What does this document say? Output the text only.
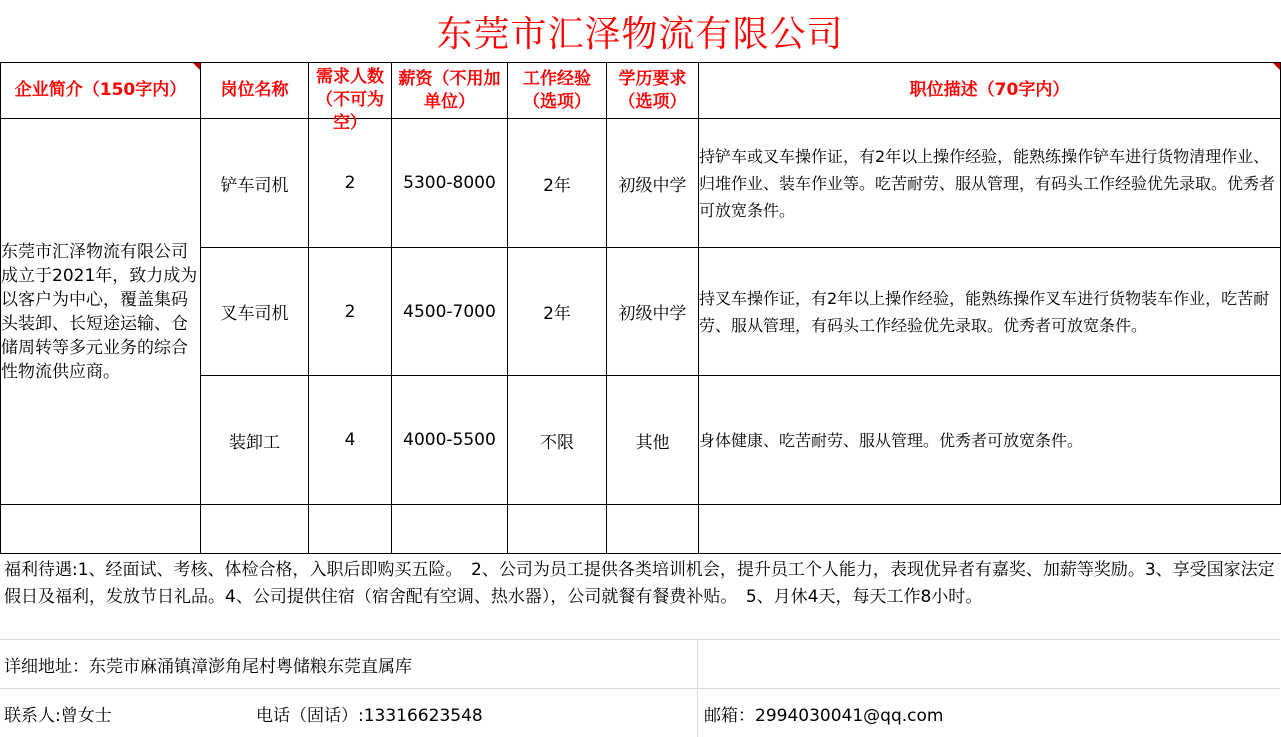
东莞市汇泽物流有限公司
企业简介（150字内）	岗位名称	需求人数（不可为空）	薪资（不用加单位）	工作经验（选项）	学历要求（选项）	职位描述（70字内）

东莞市汇泽物流有限公司成立于2021年，致力成为以客户为中心，覆盖集码头装卸、长短途运输、仓储周转等多元业务的综合性物流供应商。	铲车司机	2	5300-8000	2年	初级中学	持铲车或叉车操作证，有2年以上操作经验，能熟练操作铲车进行货物清理作业、归堆作业、装车作业等。吃苦耐劳、服从管理，有码头工作经验优先录取。优秀者可放宽条件。
	叉车司机	2	4500-7000	2年	初级中学	持叉车操作证，有2年以上操作经验，能熟练操作叉车进行货物装车作业，吃苦耐劳、服从管理，有码头工作经验优先录取。优秀者可放宽条件。
	装卸工	4	4000-5500	不限	其他	身体健康、吃苦耐劳、服从管理。优秀者可放宽条件。

福利待遇:1、经面试、考核、体检合格，入职后即购买五险。　2、公司为员工提供各类培训机会，提升员工个人能力，表现优异者有嘉奖、加薪等奖励。3、享受国家法定假日及福利，发放节日礼品。4、公司提供住宿（宿舍配有空调、热水器），公司就餐有餐费补贴。　5、月休4天，每天工作8小时。
详细地址：东莞市麻涌镇漳澎角尾村粤储粮东莞直属库
联系人:曾女士	电话（固话）:13316623548	邮箱：2994030041@qq.com
